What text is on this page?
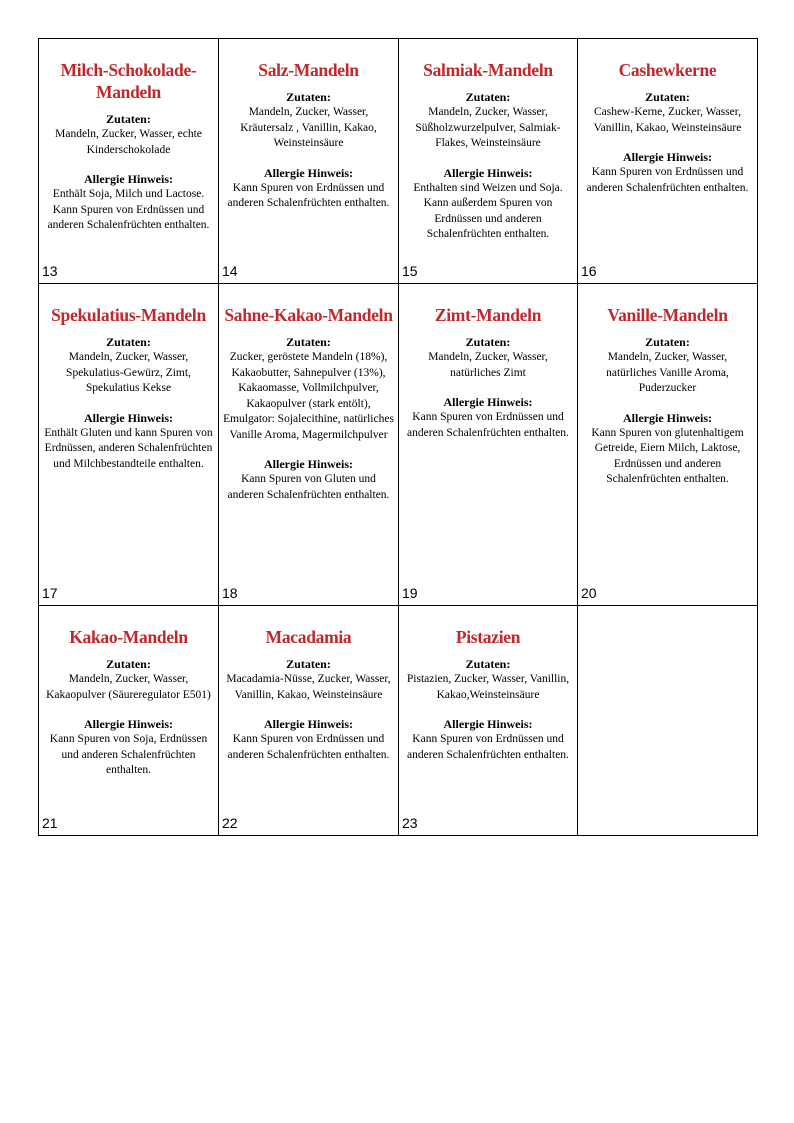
Milch-Schokolade-Mandeln
Zutaten:
Mandeln, Zucker, Wasser, echte Kinderschokolade
Allergie Hinweis:
Enthält Soja, Milch und Lactose. Kann Spuren von Erdnüssen und anderen Schalenfrüchten enthalten.
13
Salz-Mandeln
Zutaten:
Mandeln, Zucker, Wasser, Kräutersalz , Vanillin, Kakao, Weinsteinsäure
Allergie Hinweis:
Kann Spuren von Erdnüssen und anderen Schalenfrüchten enthalten.
14
Salmiak-Mandeln
Zutaten:
Mandeln, Zucker, Wasser, Süßholzwurzelpulver, Salmiak-Flakes, Weinsteinsäure
Allergie Hinweis:
Enthalten sind Weizen und Soja. Kann außerdem Spuren von Erdnüssen und anderen Schalenfrüchten enthalten.
15
Cashewkerne
Zutaten:
Cashew-Kerne, Zucker, Wasser, Vanillin, Kakao, Weinsteinsäure
Allergie Hinweis:
Kann Spuren von Erdnüssen und anderen Schalenfrüchten enthalten.
16
Spekulatius-Mandeln
Zutaten:
Mandeln, Zucker, Wasser, Spekulatius-Gewürz, Zimt, Spekulatius Kekse
Allergie Hinweis:
Enthält Gluten und kann Spuren von Erdnüssen, anderen Schalenfrüchten und Milchbestandteile enthalten.
17
Sahne-Kakao-Mandeln
Zutaten:
Zucker, geröstete Mandeln (18%), Kakaobutter, Sahnepulver (13%), Kakaomasse, Vollmilchpulver, Kakaopulver (stark entölt), Emulgator: Sojalecithine, natürliches Vanille Aroma, Magermilchpulver
Allergie Hinweis:
Kann Spuren von Gluten und anderen Schalenfrüchten enthalten.
18
Zimt-Mandeln
Zutaten:
Mandeln, Zucker, Wasser, natürliches Zimt
Allergie Hinweis:
Kann Spuren von Erdnüssen und anderen Schalenfrüchten enthalten.
19
Vanille-Mandeln
Zutaten:
Mandeln, Zucker, Wasser, natürliches Vanille Aroma, Puderzucker
Allergie Hinweis:
Kann Spuren von glutenhaltigem Getreide, Eiern Milch, Laktose, Erdnüssen und anderen Schalenfrüchten enthalten.
20
Kakao-Mandeln
Zutaten:
Mandeln, Zucker, Wasser, Kakaopulver (Säureregulator E501)
Allergie Hinweis:
Kann Spuren von Soja, Erdnüssen und anderen Schalenfrüchten enthalten.
21
Macadamia
Zutaten:
Macadamia-Nüsse, Zucker, Wasser, Vanillin, Kakao, Weinsteinsäure
Allergie Hinweis:
Kann Spuren von Erdnüssen und anderen Schalenfrüchten enthalten.
22
Pistazien
Zutaten:
Pistazien, Zucker, Wasser, Vanillin, Kakao,Weinsteinsäure
Allergie Hinweis:
Kann Spuren von Erdnüssen und anderen Schalenfrüchten enthalten.
23
